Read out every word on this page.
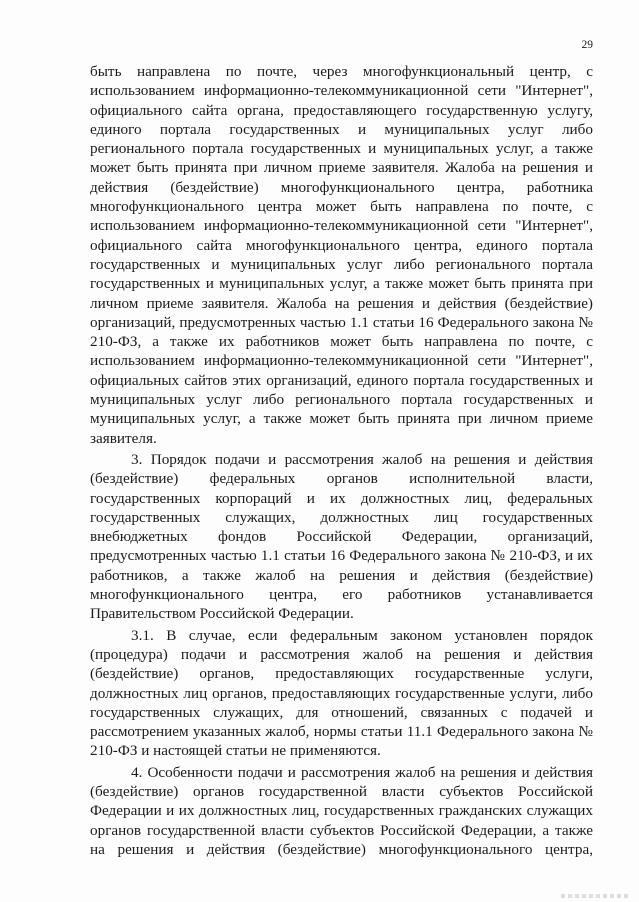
29

быть направлена по почте, через многофункциональный центр, с использованием информационно-телекоммуникационной сети "Интернет", официального сайта органа, предоставляющего государственную услугу, единого портала государственных и муниципальных услуг либо регионального портала государственных и муниципальных услуг, а также может быть принята при личном приеме заявителя. Жалоба на решения и действия (бездействие) многофункционального центра, работника многофункционального центра может быть направлена по почте, с использованием информационно-телекоммуникационной сети "Интернет", официального сайта многофункционального центра, единого портала государственных и муниципальных услуг либо регионального портала государственных и муниципальных услуг, а также может быть принята при личном приеме заявителя. Жалоба на решения и действия (бездействие) организаций, предусмотренных частью 1.1 статьи 16 Федерального закона № 210-ФЗ, а также их работников может быть направлена по почте, с использованием информационно-телекоммуникационной сети "Интернет", официальных сайтов этих организаций, единого портала государственных и муниципальных услуг либо регионального портала государственных и муниципальных услуг, а также может быть принята при личном приеме заявителя.

3. Порядок подачи и рассмотрения жалоб на решения и действия (бездействие) федеральных органов исполнительной власти, государственных корпораций и их должностных лиц, федеральных государственных служащих, должностных лиц государственных внебюджетных фондов Российской Федерации, организаций, предусмотренных частью 1.1 статьи 16 Федерального закона № 210-ФЗ, и их работников, а также жалоб на решения и действия (бездействие) многофункционального центра, его работников устанавливается Правительством Российской Федерации.

3.1. В случае, если федеральным законом установлен порядок (процедура) подачи и рассмотрения жалоб на решения и действия (бездействие) органов, предоставляющих государственные услуги, должностных лиц органов, предоставляющих государственные услуги, либо государственных служащих, для отношений, связанных с подачей и рассмотрением указанных жалоб, нормы статьи 11.1 Федерального закона № 210-ФЗ и настоящей статьи не применяются.

4. Особенности подачи и рассмотрения жалоб на решения и действия (бездействие) органов государственной власти субъектов Российской Федерации и их должностных лиц, государственных гражданских служащих органов государственной власти субъектов Российской Федерации, а также на решения и действия (бездействие) многофункционального центра,
